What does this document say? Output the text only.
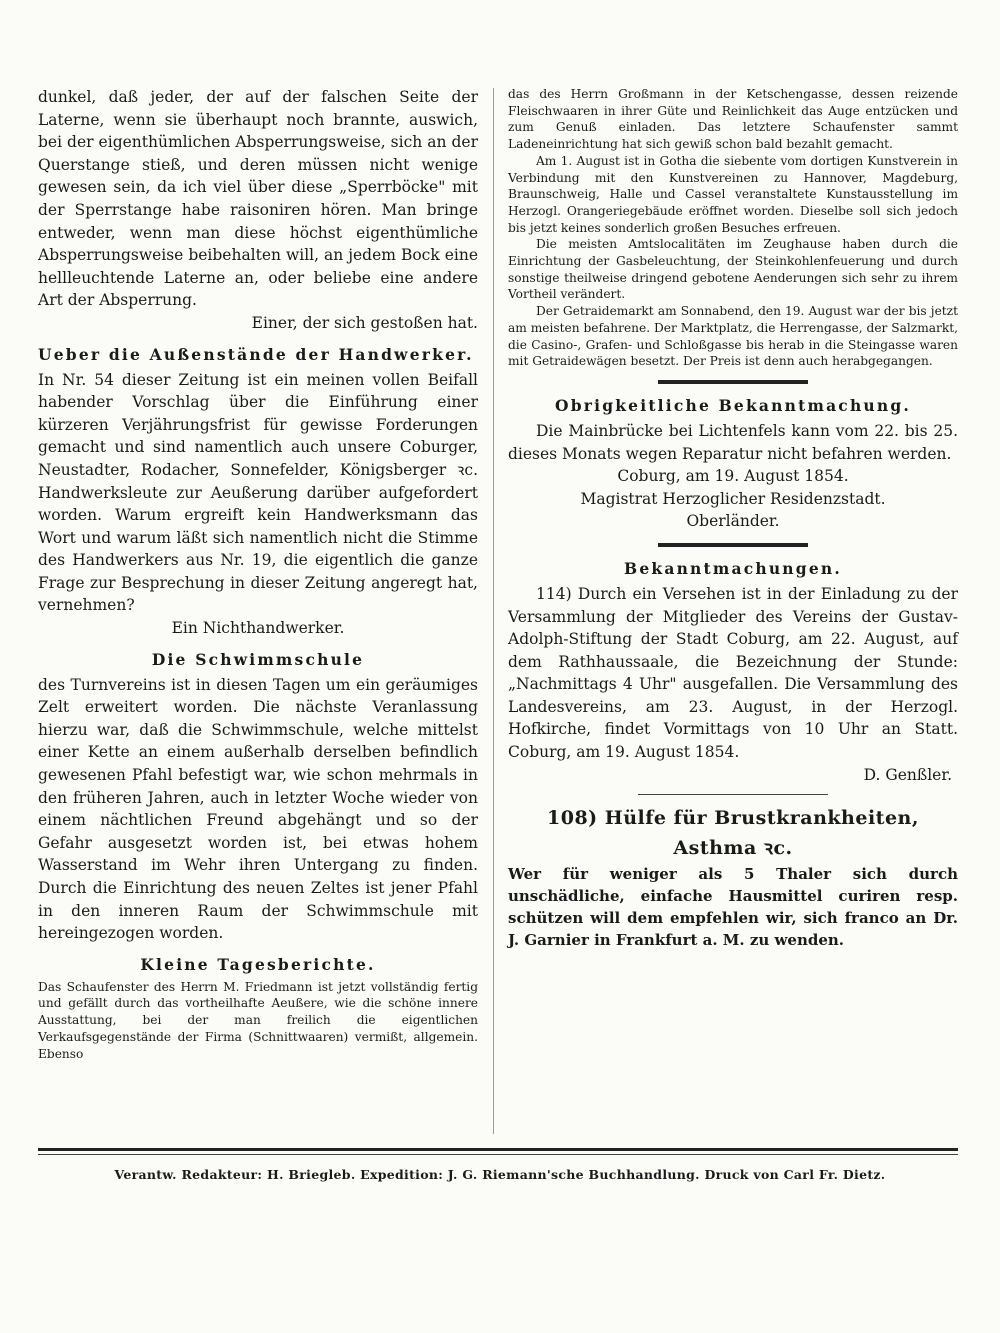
dunkel, daß jeder, der auf der falschen Seite der Laterne, wenn sie überhaupt noch brannte, auswich, bei der eigenthümlichen Absperrungsweise, sich an der Querstange stieß, und deren müssen nicht wenige gewesen sein, da ich viel über diese „Sperrböcke" mit der Sperrstange habe raisoniren hören. Man bringe entweder, wenn man diese höchst eigenthümliche Absperrungsweise beibehalten will, an jedem Bock eine hellleuchtende Laterne an, oder beliebe eine andere Art der Absperrung.

Einer, der sich gestoßen hat.

Ueber die Außenstände der Handwerker.

In Nr. 54 dieser Zeitung ist ein meinen vollen Beifall habender Vorschlag über die Einführung einer kürzeren Verjährungsfrist für gewisse Forderungen gemacht und sind namentlich auch unsere Coburger, Neustadter, Rodacher, Sonnefelder, Königsberger ꝛc. Handwerksleute zur Aeußerung darüber aufgefordert worden. Warum ergreift kein Handwerksmann das Wort und warum läßt sich namentlich nicht die Stimme des Handwerkers aus Nr. 19, die eigentlich die ganze Frage zur Besprechung in dieser Zeitung angeregt hat, vernehmen?

Ein Nichthandwerker.

Die Schwimmschule

des Turnvereins ist in diesen Tagen um ein geräumiges Zelt erweitert worden. Die nächste Veranlassung hierzu war, daß die Schwimmschule, welche mittelst einer Kette an einem außerhalb derselben befindlich gewesenen Pfahl befestigt war, wie schon mehrmals in den früheren Jahren, auch in letzter Woche wieder von einem nächtlichen Freund abgehängt und so der Gefahr ausgesetzt worden ist, bei etwas hohem Wasserstand im Wehr ihren Untergang zu finden. Durch die Einrichtung des neuen Zeltes ist jener Pfahl in den inneren Raum der Schwimmschule mit hereingezogen worden.

Kleine Tagesberichte.

Das Schaufenster des Herrn M. Friedmann ist jetzt vollständig fertig und gefällt durch das vortheilhafte Aeußere, wie die schöne innere Ausstattung, bei der man freilich die eigentlichen Verkaufsgegenstände der Firma (Schnittwaaren) vermißt, allgemein. Ebenso

das des Herrn Großmann in der Ketschengasse, dessen reizende Fleischwaaren in ihrer Güte und Reinlichkeit das Auge entzücken und zum Genuß einladen. Das letztere Schaufenster sammt Ladeneinrichtung hat sich gewiß schon bald bezahlt gemacht.

Am 1. August ist in Gotha die siebente vom dortigen Kunstverein in Verbindung mit den Kunstvereinen zu Hannover, Magdeburg, Braunschweig, Halle und Cassel veranstaltete Kunstausstellung im Herzogl. Orangeriegebäude eröffnet worden. Dieselbe soll sich jedoch bis jetzt keines sonderlich großen Besuches erfreuen.

Die meisten Amtslocalitäten im Zeughause haben durch die Einrichtung der Gasbeleuchtung, der Steinkohlenfeuerung und durch sonstige theilweise dringend gebotene Aenderungen sich sehr zu ihrem Vortheil verändert.

Der Getraidemarkt am Sonnabend, den 19. August war der bis jetzt am meisten befahrene. Der Marktplatz, die Herrengasse, der Salzmarkt, die Casino-, Grafen- und Schloßgasse bis herab in die Steingasse waren mit Getraidewägen besetzt. Der Preis ist denn auch herabgegangen.

Obrigkeitliche Bekanntmachung.

Die Mainbrücke bei Lichtenfels kann vom 22. bis 25. dieses Monats wegen Reparatur nicht befahren werden.

Coburg, am 19. August 1854.

Magistrat Herzoglicher Residenzstadt.

Oberländer.

Bekanntmachungen.

114) Durch ein Versehen ist in der Einladung zu der Versammlung der Mitglieder des Vereins der Gustav-Adolph-Stiftung der Stadt Coburg, am 22. August, auf dem Rathhaussaale, die Bezeichnung der Stunde: „Nachmittags 4 Uhr" ausgefallen. Die Versammlung des Landesvereins, am 23. August, in der Herzogl. Hofkirche, findet Vormittags von 10 Uhr an Statt. Coburg, am 19. August 1854.

D. Genßler.

108) Hülfe für Brustkrankheiten,

Asthma ꝛc.

Wer für weniger als 5 Thaler sich durch unschädliche, einfache Hausmittel curiren resp. schützen will dem empfehlen wir, sich franco an Dr. J. Garnier in Frankfurt a. M. zu wenden.

Verantw. Redakteur: H. Briegleb. Expedition: J. G. Riemann'sche Buchhandlung. Druck von Carl Fr. Dietz.
